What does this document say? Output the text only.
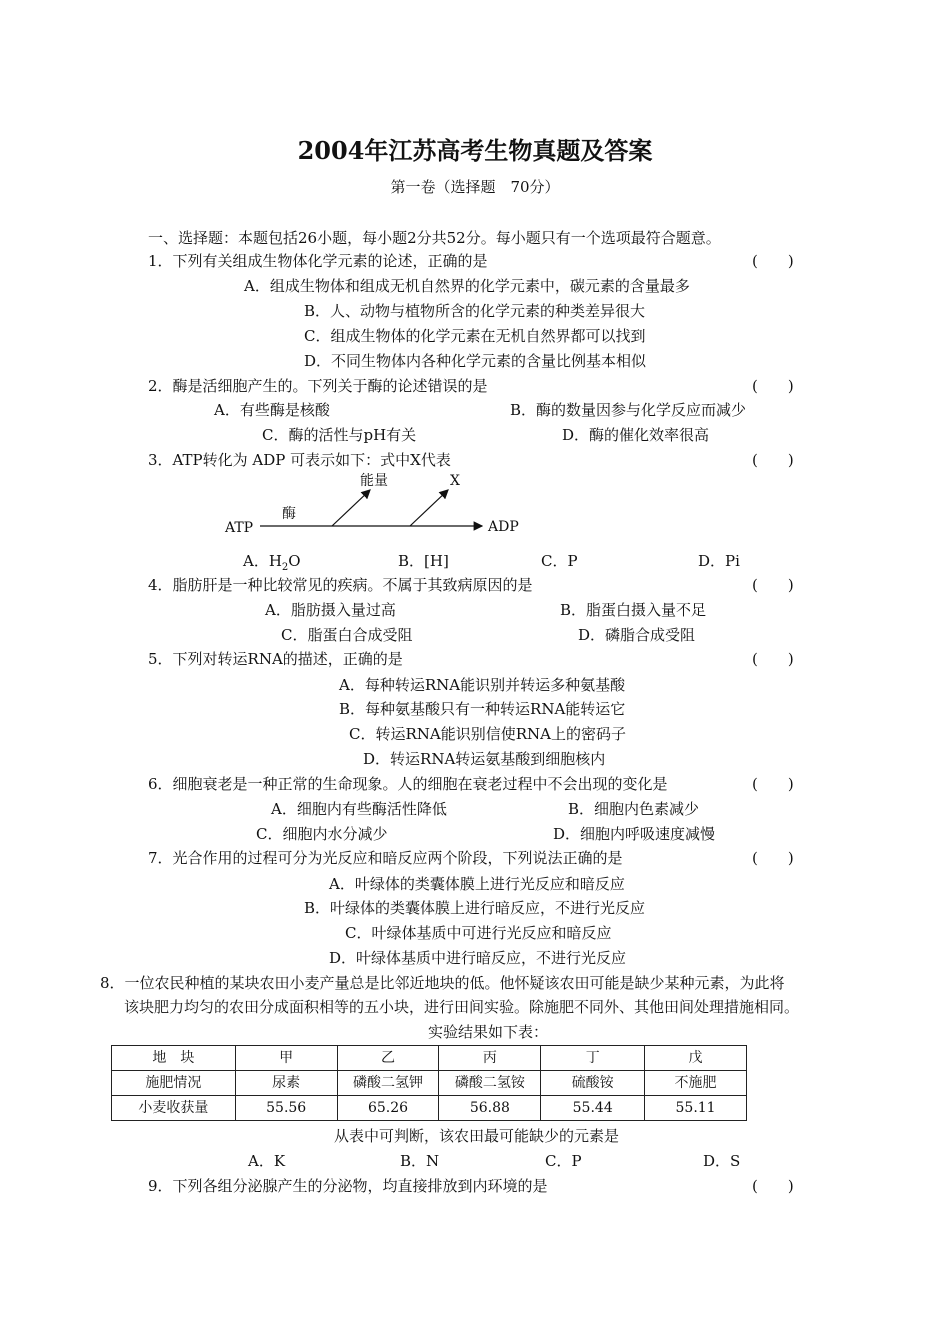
2004年江苏高考生物真题及答案
第一卷（选择题　70分）
一、选择题：本题包括26小题，每小题2分共52分。每小题只有一个选项最符合题意。
1．下列有关组成生物体化学元素的论述，正确的是	(　　)
A．组成生物体和组成无机自然界的化学元素中，碳元素的含量最多
B．人、动物与植物所含的化学元素的种类差异很大
C．组成生物体的化学元素在无机自然界都可以找到
D．不同生物体内各种化学元素的含量比例基本相似
2．酶是活细胞产生的。下列关于酶的论述错误的是	(　　)
A．有些酶是核酸	B．酶的数量因参与化学反应而减少
C．酶的活性与pH有关	D．酶的催化效率很高
3．ATP转化为 ADP 可表示如下：式中X代表	(　　)
ATP
酶
能量	X
ADP
A．$H_2O$	B．[H]	C．P	D．Pi
4．脂肪肝是一种比较常见的疾病。不属于其致病原因的是	(　　)
A．脂肪摄入量过高	B．脂蛋白摄入量不足
C．脂蛋白合成受阻	D．磷脂合成受阻
5．下列对转运RNA的描述，正确的是	(　　)
A．每种转运RNA能识别并转运多种氨基酸
B．每种氨基酸只有一种转运RNA能转运它
C．转运RNA能识别信使RNA上的密码子
D．转运RNA转运氨基酸到细胞核内
6．细胞衰老是一种正常的生命现象。人的细胞在衰老过程中不会出现的变化是	(　　)
A．细胞内有些酶活性降低	B．细胞内色素减少
C．细胞内水分减少	D．细胞内呼吸速度减慢
7．光合作用的过程可分为光反应和暗反应两个阶段，下列说法正确的是	(　　)
A．叶绿体的类囊体膜上进行光反应和暗反应
B．叶绿体的类囊体膜上进行暗反应，不进行光反应
C．叶绿体基质中可进行光反应和暗反应
D．叶绿体基质中进行暗反应，不进行光反应
8．一位农民种植的某块农田小麦产量总是比邻近地块的低。他怀疑该农田可能是缺少某种元素，为此将
该块肥力均匀的农田分成面积相等的五小块，进行田间实验。除施肥不同外、其他田间处理措施相同。
实验结果如下表：
地　块	甲	乙	丙	丁	戊
施肥情况	尿素	磷酸二氢钾	磷酸二氢铵	硫酸铵	不施肥
小麦收获量	55.56	65.26	56.88	55.44	55.11
从表中可判断，该农田最可能缺少的元素是
A．K	B．N	C．P	D．S
9．下列各组分泌腺产生的分泌物，均直接排放到内环境的是	(　　)
